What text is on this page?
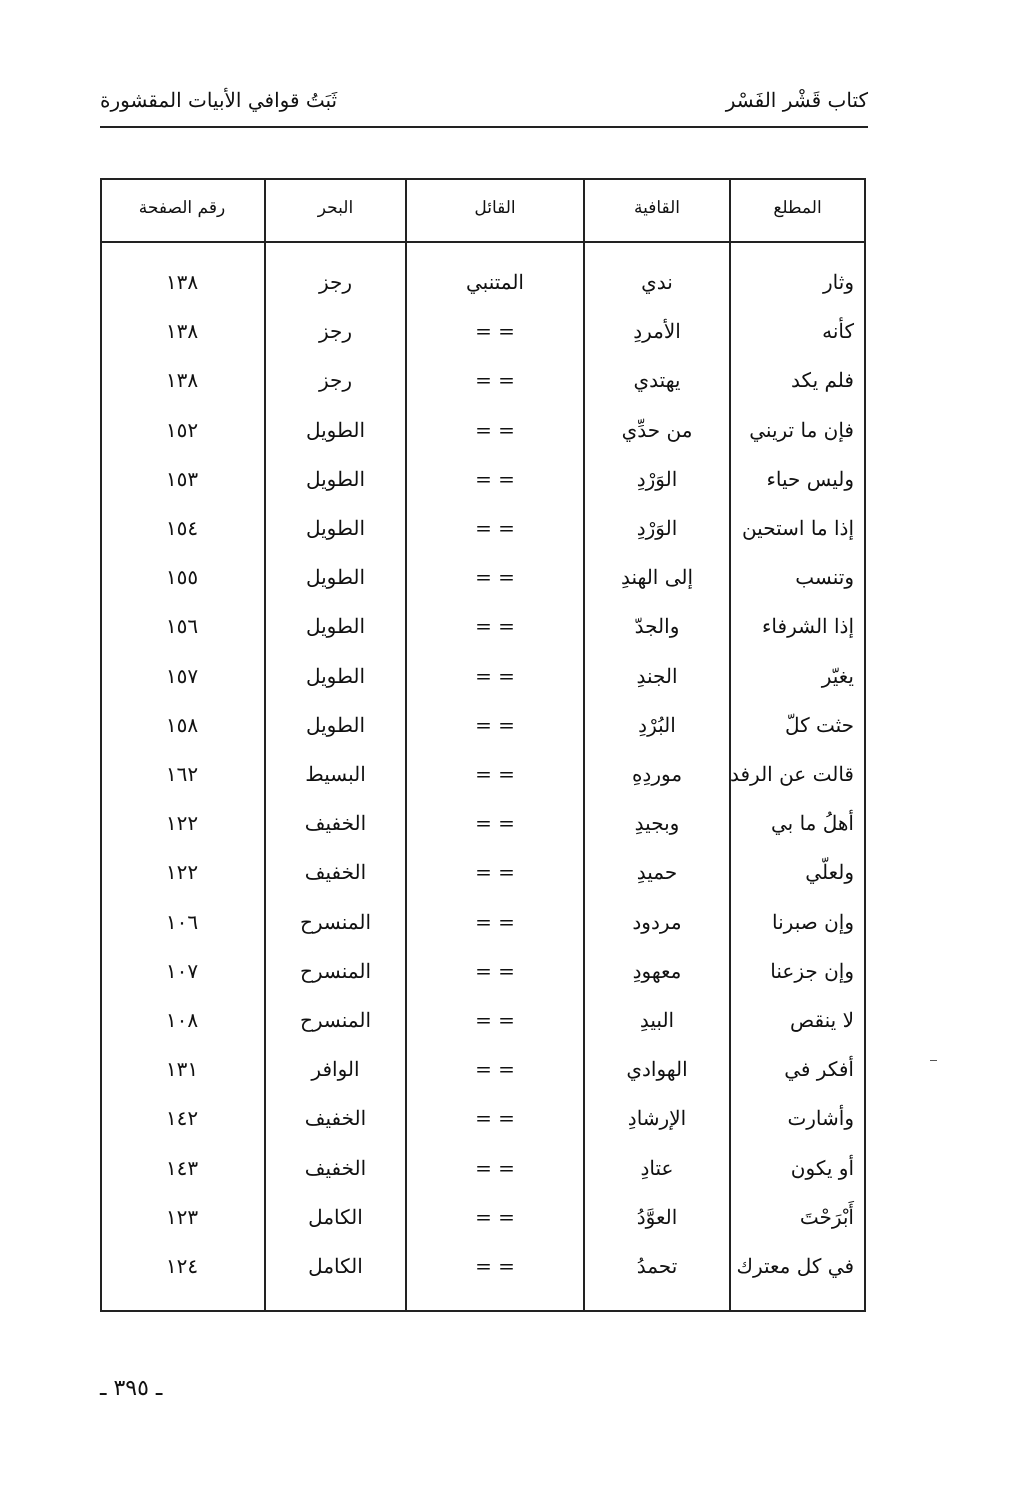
كتاب قَشْر الفَسْر
ثَبَتُ قوافي الأبيات المقشورة
المطلع
القافية
القائل
البحر
رقم الصفحة
وثار
ندي
المتنبي
رجز
١٣٨
كأنه
الأمردِ
= =
رجز
١٣٨
فلم يكد
يهتدي
= =
رجز
١٣٨
فإن ما تريني
من حدِّي
= =
الطويل
١٥٢
وليس حياء
الوَرْدِ
= =
الطويل
١٥٣
إذا ما استحين
الوَرْدِ
= =
الطويل
١٥٤
وتنسب
إلى الهندِ
= =
الطويل
١٥٥
إذا الشرفاء
والجدّ
= =
الطويل
١٥٦
يغيّر
الجندِ
= =
الطويل
١٥٧
حثت كلّ
البُرْدِ
= =
الطويل
١٥٨
قالت عن الرفد
موردِهِ
= =
البسيط
١٦٢
أهلُ ما بي
وبجيدِ
= =
الخفيف
١٢٢
ولعلّي
حميدِ
= =
الخفيف
١٢٢
وإن صبرنا
مردود
= =
المنسرح
١٠٦
وإن جزعنا
معهودِ
= =
المنسرح
١٠٧
لا ينقص
البيدِ
= =
المنسرح
١٠٨
أفكر في
الهوادي
= =
الوافر
١٣١
وأشارت
الإرشادِ
= =
الخفيف
١٤٢
أو يكون
عتادِ
= =
الخفيف
١٤٣
أَبْرَحْتَ
العوَّدُ
= =
الكامل
١٢٣
في كل معترك
تحمدُ
= =
الكامل
١٢٤
ـ ٣٩٥ ـ
